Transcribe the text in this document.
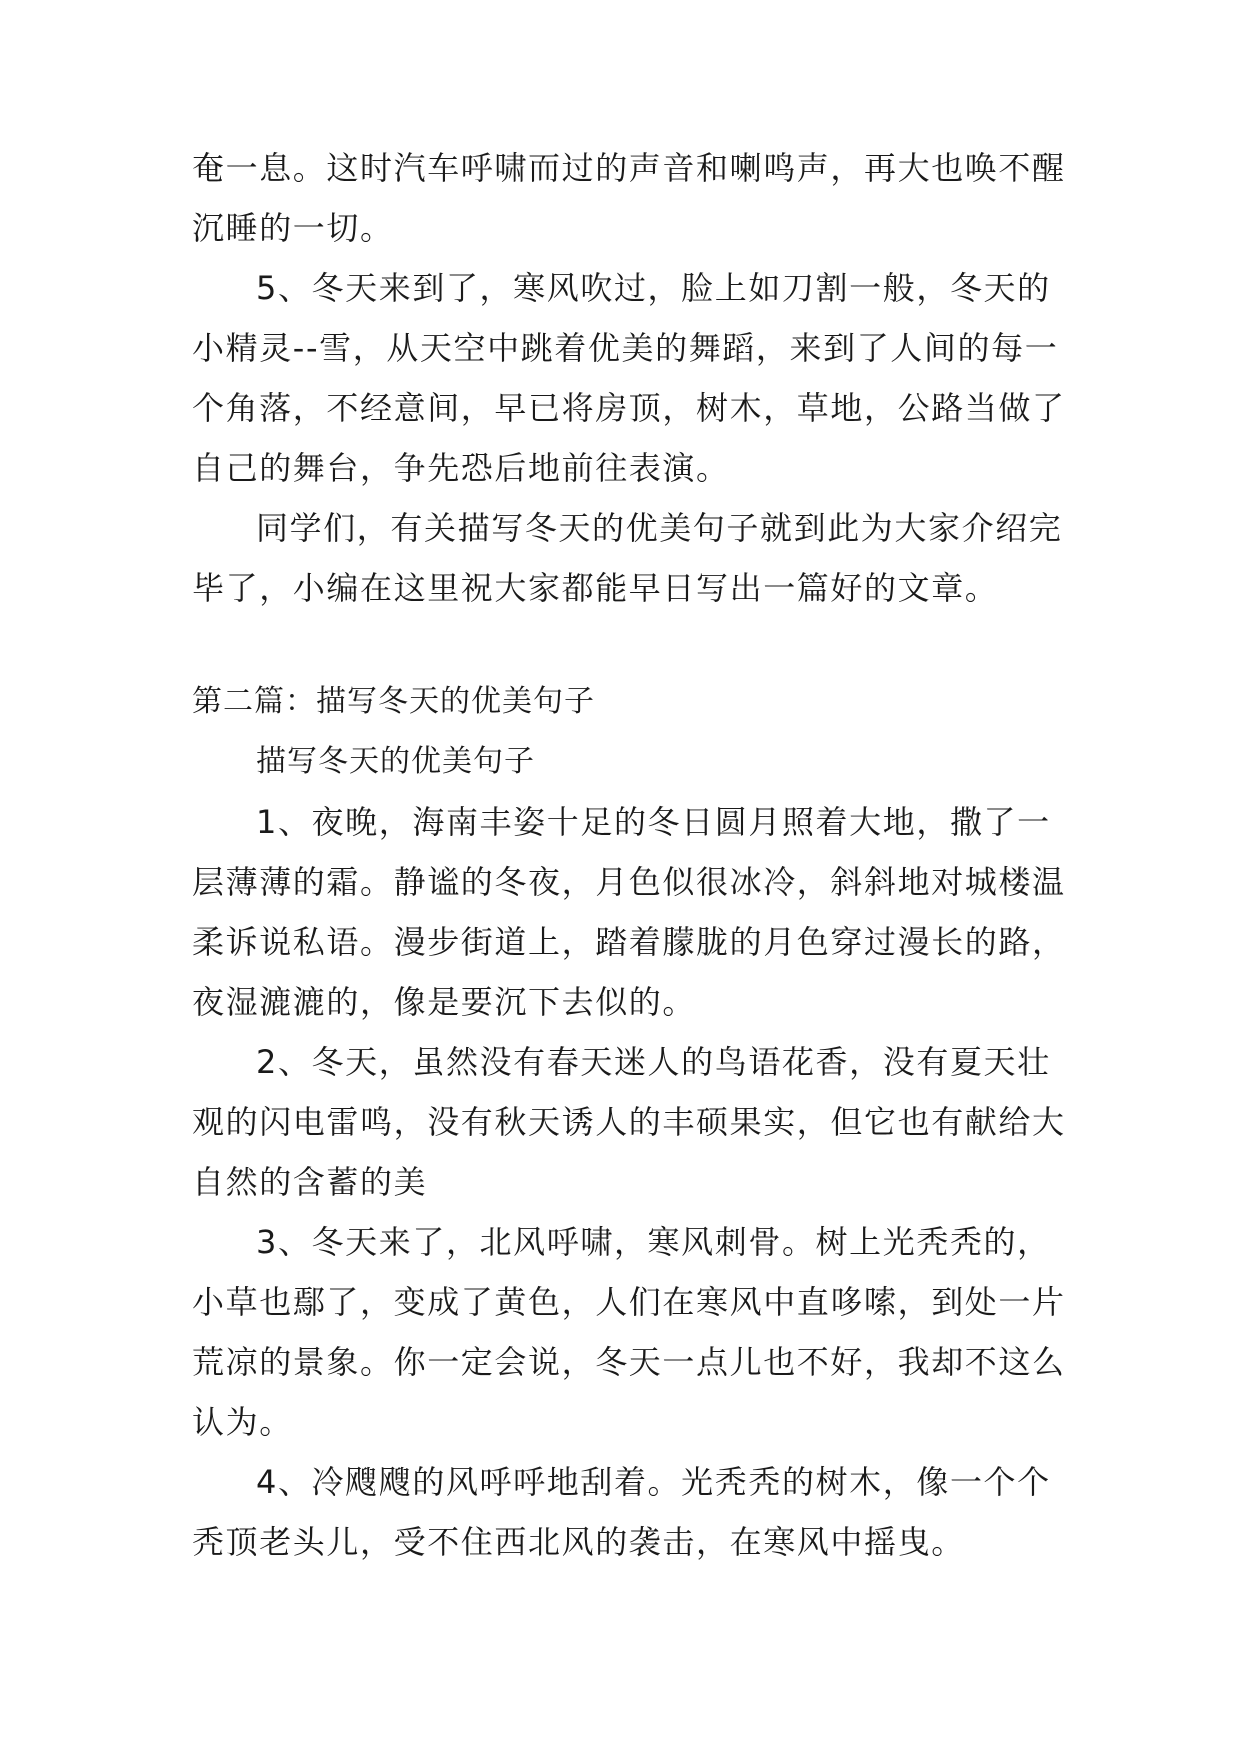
奄一息。这时汽车呼啸而过的声音和喇鸣声，再大也唤不醒
沉睡的一切。
5、冬天来到了，寒风吹过，脸上如刀割一般，冬天的
小精灵--雪，从天空中跳着优美的舞蹈，来到了人间的每一
个角落，不经意间，早已将房顶，树木，草地，公路当做了
自己的舞台，争先恐后地前往表演。
同学们，有关描写冬天的优美句子就到此为大家介绍完
毕了，小编在这里祝大家都能早日写出一篇好的文章。
第二篇：描写冬天的优美句子
描写冬天的优美句子
1、夜晚，海南丰姿十足的冬日圆月照着大地，撒了一
层薄薄的霜。静谧的冬夜，月色似很冰冷，斜斜地对城楼温
柔诉说私语。漫步街道上，踏着朦胧的月色穿过漫长的路，
夜湿漉漉的，像是要沉下去似的。
2、冬天，虽然没有春天迷人的鸟语花香，没有夏天壮
观的闪电雷鸣，没有秋天诱人的丰硕果实，但它也有献给大
自然的含蓄的美
3、冬天来了，北风呼啸，寒风刺骨。树上光秃秃的，
小草也鄢了，变成了黄色，人们在寒风中直哆嗦，到处一片
荒凉的景象。你一定会说，冬天一点儿也不好，我却不这么
认为。
4、冷飕飕的风呼呼地刮着。光秃秃的树木，像一个个
秃顶老头儿，受不住西北风的袭击，在寒风中摇曳。
